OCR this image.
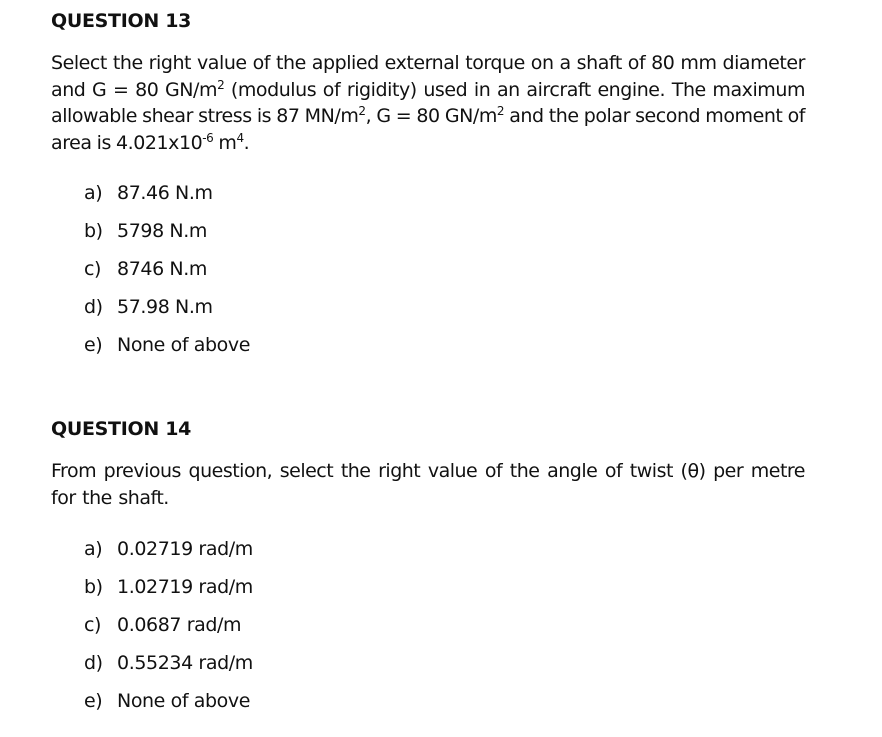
QUESTION 13

Select the right value of the applied external torque on a shaft of 80 mm diameter and G = 80 $GN/m^2$ (modulus of rigidity) used in an aircraft engine. The maximum allowable shear stress is 87 $MN/m^2$, G = 80 $GN/m^2$ and the polar second moment of area is $4.021x10^{-6}$ $m^4$.

a) 87.46 N.m
b) 5798 N.m
c) 8746 N.m
d) 57.98 N.m
e) None of above
QUESTION 14

From previous question, select the right value of the angle of twist (θ) per metre for the shaft.

a) 0.02719 rad/m
b) 1.02719 rad/m
c) 0.0687 rad/m
d) 0.55234 rad/m
e) None of above
